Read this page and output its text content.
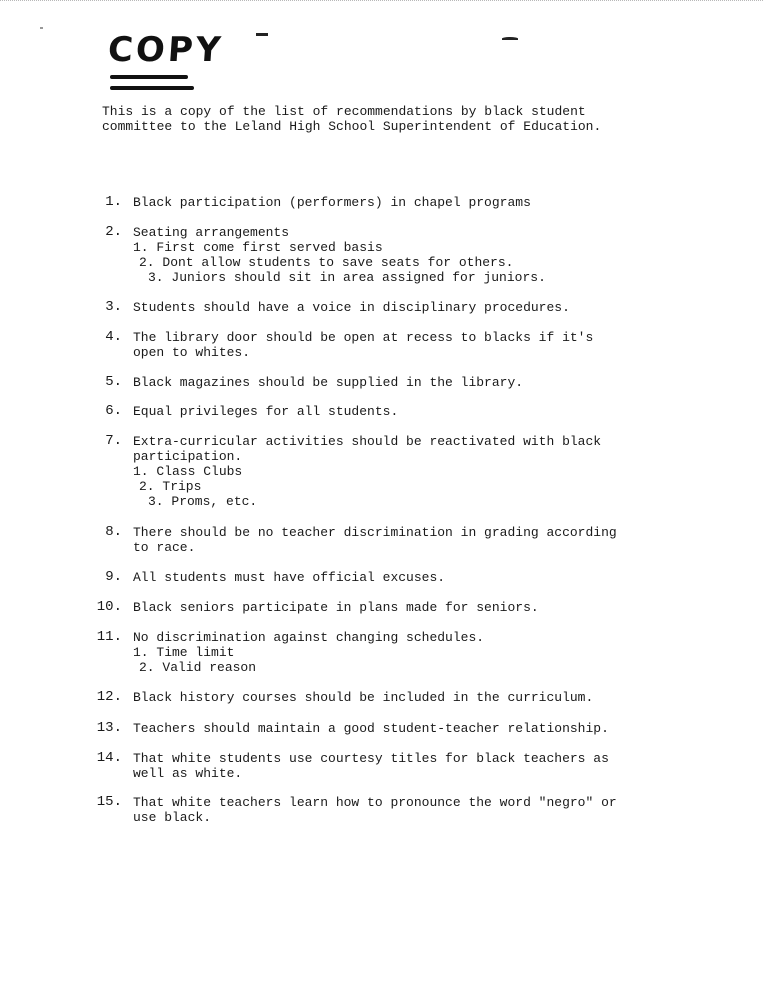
COPY
This is a copy of the list of recommendations by black student
committee to the Leland High School Superintendent of Education.
1. Black participation (performers) in chapel programs
2. Seating arrangements
1. First come first served basis
2. Dont allow students to save seats for others.
3. Juniors should sit in area assigned for juniors.
3. Students should have a voice in disciplinary procedures.
4. The library door should be open at recess to blacks if it's
open to whites.
5. Black magazines should be supplied in the library.
6. Equal privileges for all students.
7. Extra-curricular activities should be reactivated with black
participation.
1. Class Clubs
2. Trips
3. Proms, etc.
8. There should be no teacher discrimination in grading according
to race.
9. All students must have official excuses.
10. Black seniors participate in plans made for seniors.
11. No discrimination against changing schedules.
1. Time limit
2. Valid reason
12. Black history courses should be included in the curriculum.
13. Teachers should maintain a good student-teacher relationship.
14. That white students use courtesy titles for black teachers as
well as white.
15. That white teachers learn how to pronounce the word "negro" or
use black.
